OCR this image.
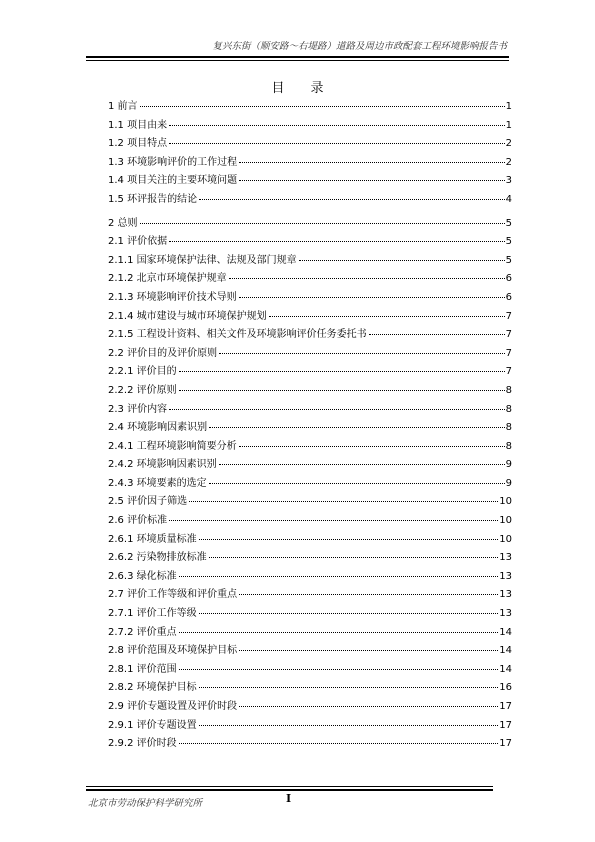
复兴东街（顺安路～右堤路）道路及周边市政配套工程环境影响报告书
目　　录
1 前言	1
1.1 项目由来	1
1.2 项目特点	2
1.3 环境影响评价的工作过程	2
1.4 项目关注的主要环境问题	3
1.5 环评报告的结论	4
2 总则	5
2.1 评价依据	5
2.1.1 国家环境保护法律、法规及部门规章	5
2.1.2 北京市环境保护规章	6
2.1.3 环境影响评价技术导则	6
2.1.4 城市建设与城市环境保护规划	7
2.1.5 工程设计资料、相关文件及环境影响评价任务委托书	7
2.2 评价目的及评价原则	7
2.2.1 评价目的	7
2.2.2 评价原则	8
2.3 评价内容	8
2.4 环境影响因素识别	8
2.4.1 工程环境影响简要分析	8
2.4.2 环境影响因素识别	9
2.4.3 环境要素的选定	9
2.5 评价因子筛选	10
2.6 评价标准	10
2.6.1 环境质量标准	10
2.6.2 污染物排放标准	13
2.6.3 绿化标准	13
2.7 评价工作等级和评价重点	13
2.7.1 评价工作等级	13
2.7.2 评价重点	14
2.8 评价范围及环境保护目标	14
2.8.1 评价范围	14
2.8.2 环境保护目标	16
2.9 评价专题设置及评价时段	17
2.9.1 评价专题设置	17
2.9.2 评价时段	17
北京市劳动保护科学研究所	I
